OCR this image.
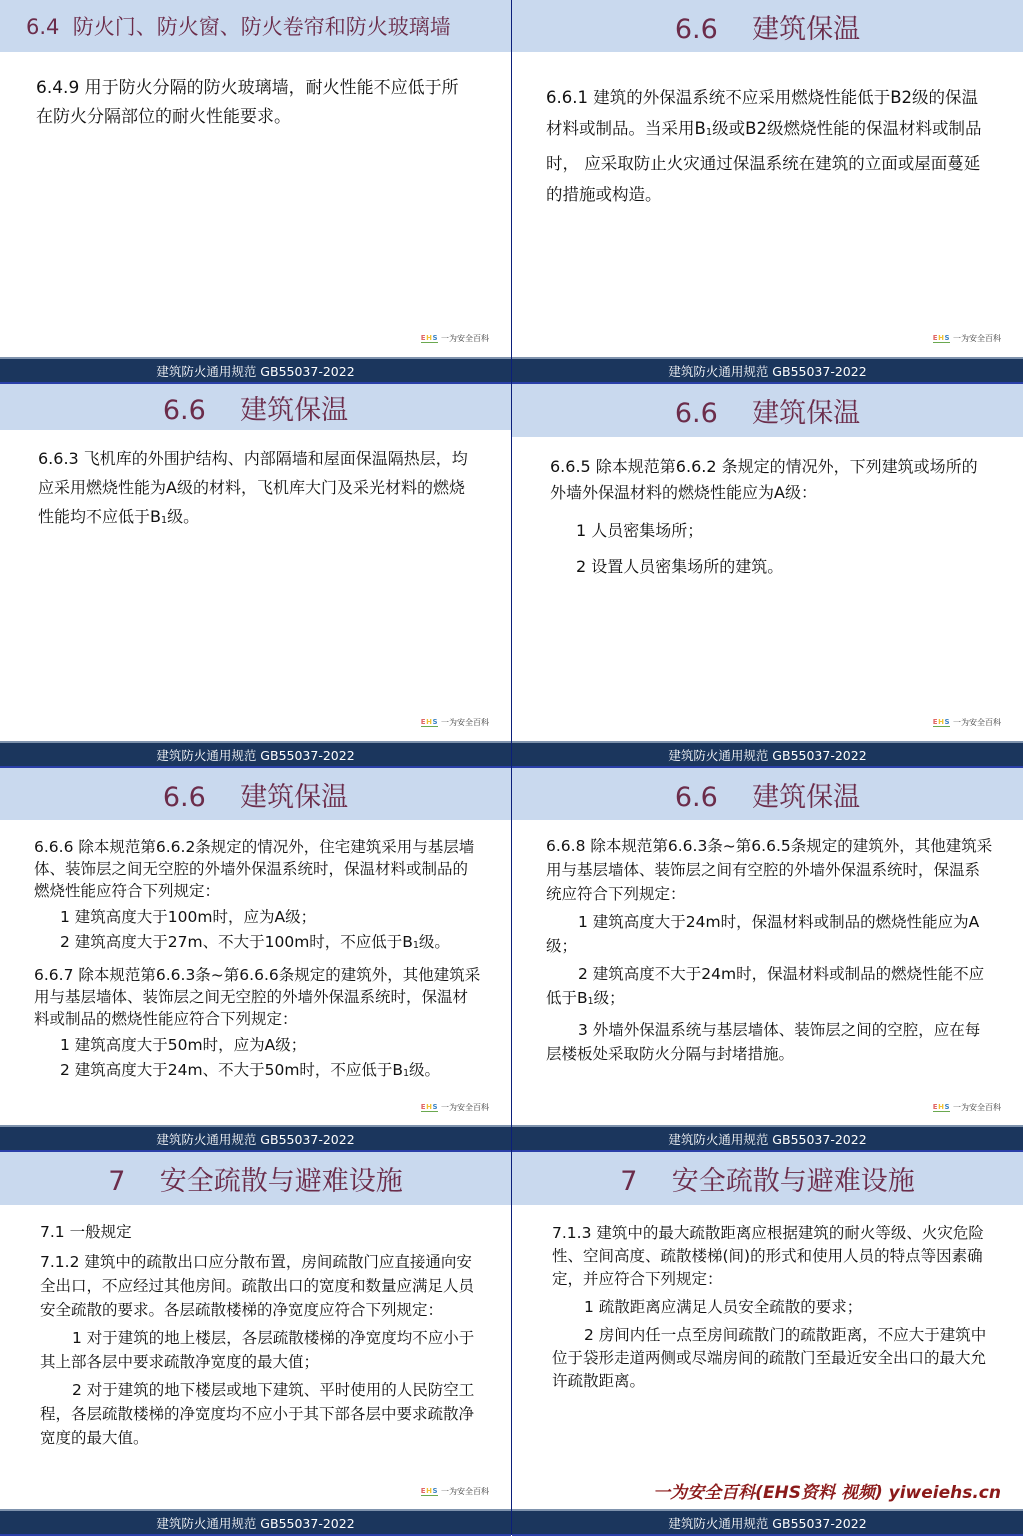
6.4  防火门、防火窗、防火卷帘和防火玻璃墙

6.4.9 用于防火分隔的防火玻璃墙，耐火性能不应低于所在防火分隔部位的耐火性能要求。

EHS 一为安全百科
建筑防火通用规范 GB55037-2022
6.6    建筑保温

6.6.1 建筑的外保温系统不应采用燃烧性能低于B2级的保温材料或制品。当采用$B_1$级或B2级燃烧性能的保温材料或制品时， 应采取防止火灾通过保温系统在建筑的立面或屋面蔓延的措施或构造。

EHS 一为安全百科
建筑防火通用规范 GB55037-2022
6.6    建筑保温

6.6.3 飞机库的外围护结构、内部隔墙和屋面保温隔热层，均应采用燃烧性能为A级的材料，飞机库大门及采光材料的燃烧性能均不应低于$B_1$级。

EHS 一为安全百科
建筑防火通用规范 GB55037-2022
6.6    建筑保温

6.6.5 除本规范第6.6.2 条规定的情况外，下列建筑或场所的外墙外保温材料的燃烧性能应为A级：

1 人员密集场所；

2 设置人员密集场所的建筑。

EHS 一为安全百科
建筑防火通用规范 GB55037-2022
6.6    建筑保温

6.6.6 除本规范第6.6.2条规定的情况外，住宅建筑采用与基层墙体、装饰层之间无空腔的外墙外保温系统时，保温材料或制品的 燃烧性能应符合下列规定：

1 建筑高度大于100m时，应为A级；

2 建筑高度大于27m、不大于100m时，不应低于$B_1$级。

6.6.7 除本规范第6.6.3条~第6.6.6条规定的建筑外，其他建筑采用与基层墙体、装饰层之间无空腔的外墙外保温系统时，保温材料或制品的燃烧性能应符合下列规定：

1 建筑高度大于50m时，应为A级；

2 建筑高度大于24m、不大于50m时，不应低于$B_1$级。

EHS 一为安全百科
建筑防火通用规范 GB55037-2022
6.6    建筑保温

6.6.8 除本规范第6.6.3条~第6.6.5条规定的建筑外，其他建筑采用与基层墙体、装饰层之间有空腔的外墙外保温系统时，保温系统应符合下列规定：

1 建筑高度大于24m时，保温材料或制品的燃烧性能应为A级；

2 建筑高度不大于24m时，保温材料或制品的燃烧性能不应低于$B_1$级；

3 外墙外保温系统与基层墙体、装饰层之间的空腔，应在每层楼板处采取防火分隔与封堵措施。

EHS 一为安全百科
建筑防火通用规范 GB55037-2022
7    安全疏散与避难设施

7.1 一般规定

7.1.2 建筑中的疏散出口应分散布置，房间疏散门应直接通向安全出口，不应经过其他房间。疏散出口的宽度和数量应满足人员安全疏散的要求。各层疏散楼梯的净宽度应符合下列规定：

1 对于建筑的地上楼层，各层疏散楼梯的净宽度均不应小于其上部各层中要求疏散净宽度的最大值；

2 对于建筑的地下楼层或地下建筑、平时使用的人民防空工程，各层疏散楼梯的净宽度均不应小于其下部各层中要求疏散净宽度的最大值。

EHS 一为安全百科
建筑防火通用规范 GB55037-2022
7    安全疏散与避难设施

7.1.3 建筑中的最大疏散距离应根据建筑的耐火等级、火灾危险性、空间高度、疏散楼梯(间)的形式和使用人员的特点等因素确定，并应符合下列规定：

1 疏散距离应满足人员安全疏散的要求；

2 房间内任一点至房间疏散门的疏散距离，不应大于建筑中位于袋形走道两侧或尽端房间的疏散门至最近安全出口的最大允许疏散距离。

建筑防火通用规范 GB55037-2022
一为安全百科(EHS资料 视频) yiweiehs.cn
